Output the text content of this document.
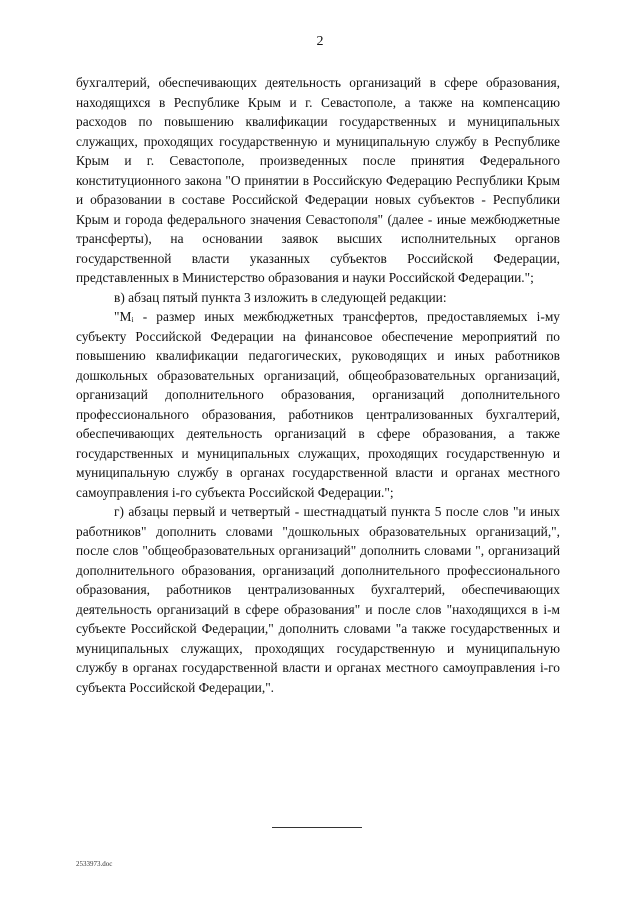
2

бухгалтерий, обеспечивающих деятельность организаций в сфере образования, находящихся в Республике Крым и г. Севастополе, а также на компенсацию расходов по повышению квалификации государственных и муниципальных служащих, проходящих государственную и муниципальную службу в Республике Крым и г. Севастополе, произведенных после принятия Федерального конституционного закона "О принятии в Российскую Федерацию Республики Крым и образовании в составе Российской Федерации новых субъектов - Республики Крым и города федерального значения Севастополя" (далее - иные межбюджетные трансферты), на основании заявок высших исполнительных органов государственной власти указанных субъектов Российской Федерации, представленных в Министерство образования и науки Российской Федерации.";

в) абзац пятый пункта 3 изложить в следующей редакции:

"Mᵢ - размер иных межбюджетных трансфертов, предоставляемых i-му субъекту Российской Федерации на финансовое обеспечение мероприятий по повышению квалификации педагогических, руководящих и иных работников дошкольных образовательных организаций, общеобразовательных организаций, организаций дополнительного образования, организаций дополнительного профессионального образования, работников централизованных бухгалтерий, обеспечивающих деятельность организаций в сфере образования, а также государственных и муниципальных служащих, проходящих государственную и муниципальную службу в органах государственной власти и органах местного самоуправления i-го субъекта Российской Федерации.";

г) абзацы первый и четвертый - шестнадцатый пункта 5 после слов "и иных работников" дополнить словами "дошкольных образовательных организаций,", после слов "общеобразовательных организаций" дополнить словами ", организаций дополнительного образования, организаций дополнительного профессионального образования, работников централизованных бухгалтерий, обеспечивающих деятельность организаций в сфере образования" и после слов "находящихся в i-м субъекте Российской Федерации," дополнить словами "а также государственных и муниципальных служащих, проходящих государственную и муниципальную службу в органах государственной власти и органах местного самоуправления i-го субъекта Российской Федерации,".

2533973.doc
